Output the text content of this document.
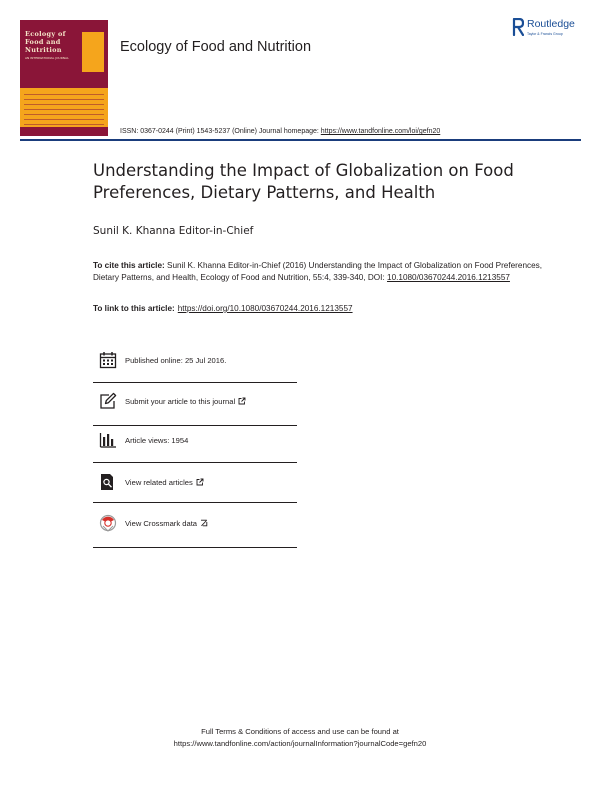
Ecology of
Food and
Nutrition
AN INTERNATIONAL JOURNAL
Ecology of Food and Nutrition
Routledge
Taylor & Francis Group
ISSN: 0367-0244 (Print) 1543-5237 (Online) Journal homepage: https://www.tandfonline.com/loi/gefn20
Understanding the Impact of Globalization on Food Preferences, Dietary Patterns, and Health
Sunil K. Khanna Editor-in-Chief
To cite this article: Sunil K. Khanna Editor-in-Chief (2016) Understanding the Impact of Globalization on Food Preferences, Dietary Patterns, and Health, Ecology of Food and Nutrition, 55:4, 339-340, DOI: 10.1080/03670244.2016.1213557
To link to this article: https://doi.org/10.1080/03670244.2016.1213557
Published online: 25 Jul 2016.
Submit your article to this journal
Article views: 1954
View related articles
View Crossmark data
Full Terms & Conditions of access and use can be found at
https://www.tandfonline.com/action/journalInformation?journalCode=gefn20
